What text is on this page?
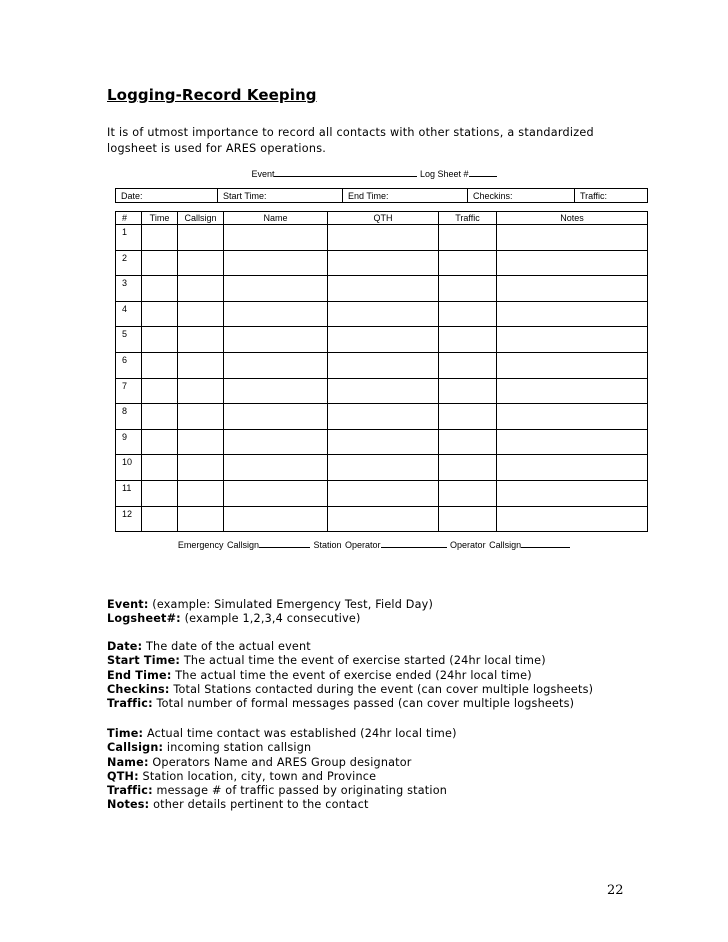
Logging-Record Keeping
It is of utmost importance to record all contacts with other stations, a standardized logsheet is used for ARES operations.
Event	Log Sheet #
Date:	Start Time:	End Time:	Checkins:	Traffic:
#	Time	Callsign	Name	QTH	Traffic	Notes
1						
2						
3						
4						
5						
6						
7						
8						
9						
10						
11						
12						
Emergency Callsign	Station Operator	Operator Callsign
Event: (example: Simulated Emergency Test, Field Day)
Logsheet#: (example 1,2,3,4 consecutive)
Date: The date of the actual event
Start Time: The actual time the event of exercise started (24hr local time)
End Time: The actual time the event of exercise ended (24hr local time)
Checkins: Total Stations contacted during the event (can cover multiple logsheets)
Traffic: Total number of formal messages passed (can cover multiple logsheets)
Time: Actual time contact was established (24hr local time)
Callsign: incoming station callsign
Name: Operators Name and ARES Group designator
QTH: Station location, city, town and Province
Traffic: message # of traffic passed by originating station
Notes: other details pertinent to the contact
22
